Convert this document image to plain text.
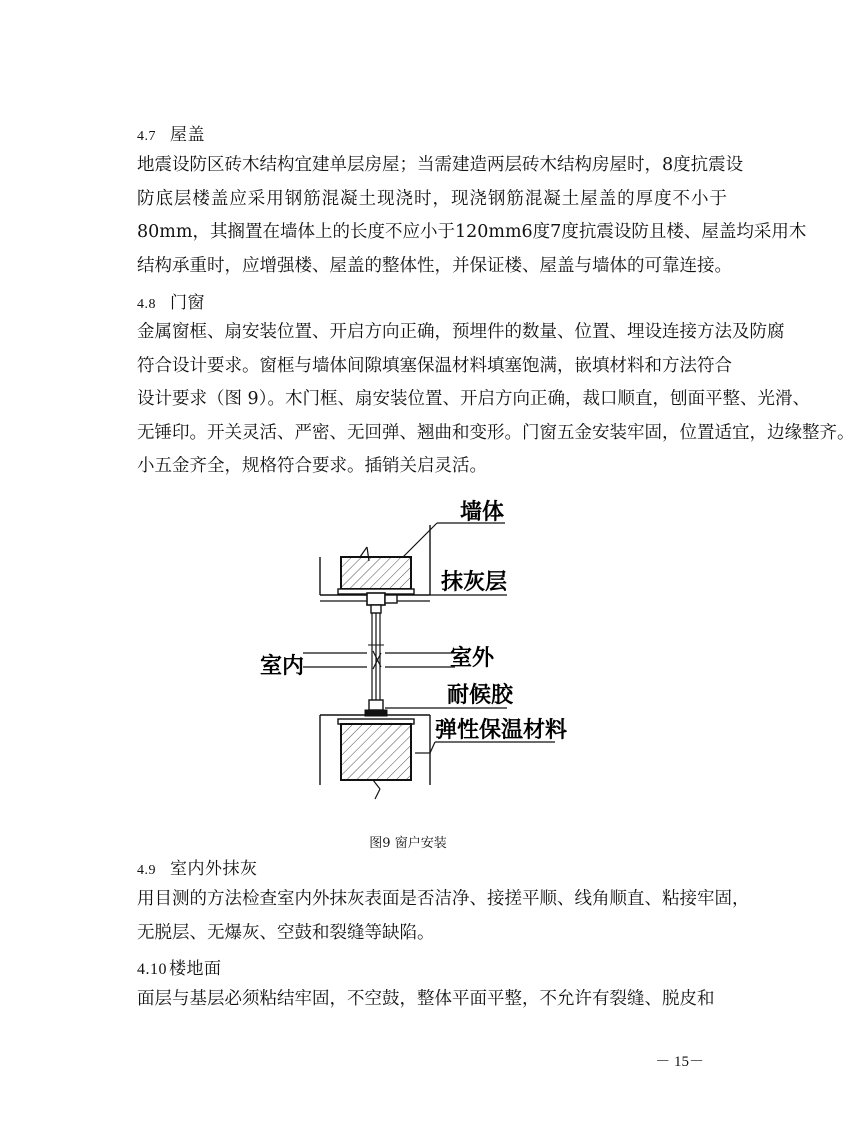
4.7 屋盖
地震设防区砖木结构宜建单层房屋；当需建造两层砖木结构房屋时，8度抗震设
防底层楼盖应采用钢筋混凝土现浇时，现浇钢筋混凝土屋盖的厚度不小于
80mm，其搁置在墙体上的长度不应小于120mm6度7度抗震设防且楼、屋盖均采用木
结构承重时，应增强楼、屋盖的整体性，并保证楼、屋盖与墙体的可靠连接。
4.8 门窗
金属窗框、扇安装位置、开启方向正确，预埋件的数量、位置、埋设连接方法及防腐
符合设计要求。窗框与墙体间隙填塞保温材料填塞饱满，嵌填材料和方法符合
设计要求（图 9）。木门框、扇安装位置、开启方向正确，裁口顺直，刨面平整、光滑、
无锤印。开关灵活、严密、无回弹、翘曲和变形。门窗五金安装牢固，位置适宜，边缘整齐。
小五金齐全，规格符合要求。插销关启灵活。
墙体
抹灰层
室内	室外
耐候胶
弹性保温材料
图9 窗户安装
4.9 室内外抹灰
用目测的方法检查室内外抹灰表面是否洁净、接搓平顺、线角顺直、粘接牢固，
无脱层、无爆灰、空鼓和裂缝等缺陷。
4.10 楼地面
面层与基层必须粘结牢固，不空鼓，整体平面平整，不允许有裂缝、脱皮和
－ 15－
